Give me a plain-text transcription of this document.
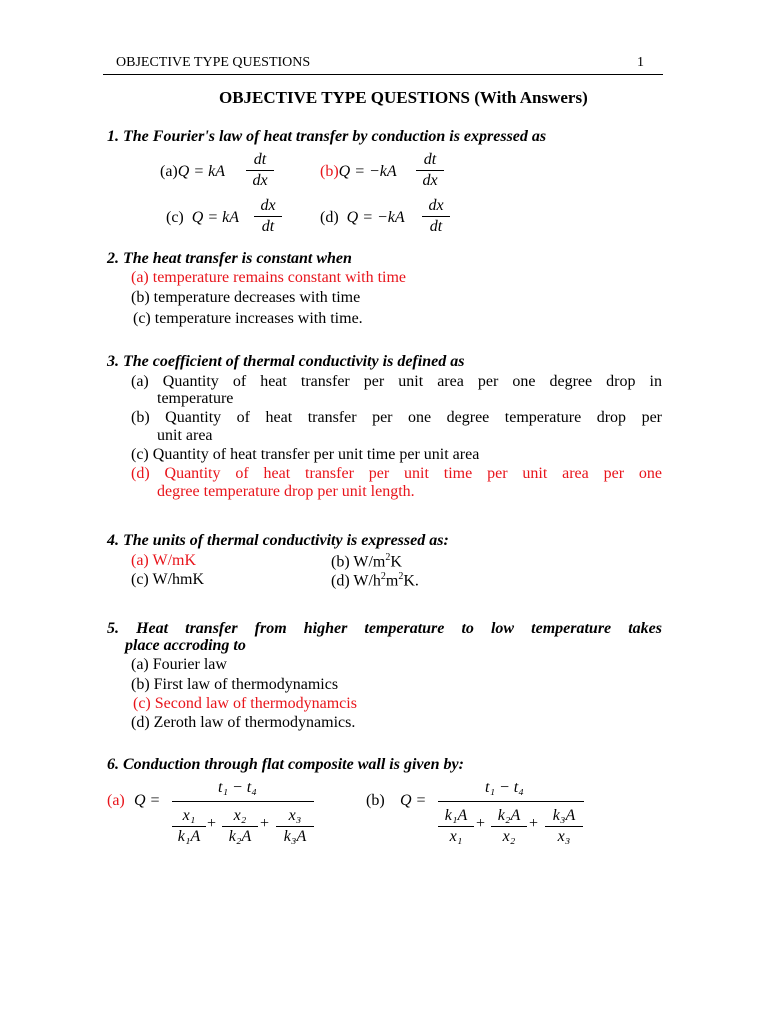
OBJECTIVE TYPE QUESTIONS	1
OBJECTIVE TYPE QUESTIONS (With Answers)
1. The Fourier's law of heat transfer by conduction is expressed as
(a)Q = kA
dt
dx
(b)Q = −kA
dt
dx
(c) Q = kA
dx
dt
(d) Q = −kA
dx
dt
2. The heat transfer is constant when
(a) temperature remains constant with time
(b) temperature decreases with time
(c) temperature increases with time.
3. The coefficient of thermal conductivity is defined as
(a) Quantity of heat transfer per unit area per one degree drop in
temperature
(b) Quantity of heat transfer per one degree temperature drop per
unit area
(c) Quantity of heat transfer per unit time per unit area
(d) Quantity of heat transfer per unit time per unit area per one
degree temperature drop per unit length.
4. The units of thermal conductivity is expressed as:
(a) W/mK	(b) $W/m^2K$
(c) W/hmK	(d) $W/h^2m^2K$.
5. Heat transfer from higher temperature to low temperature takes
place accroding to
(a) Fourier law
(b) First law of thermodynamics
(c) Second law of thermodynamcis
(d) Zeroth law of thermodynamics.
6. Conduction through flat composite wall is given by:
(a) Q =
t₁ − t₄
x₁
k₁A
+	x₂
k₂A
+	x₃
k₃A
(b) Q =
t₁ − t₄
k₁A
x₁
+ k₂A
x₂
+ k₃A
x₃
